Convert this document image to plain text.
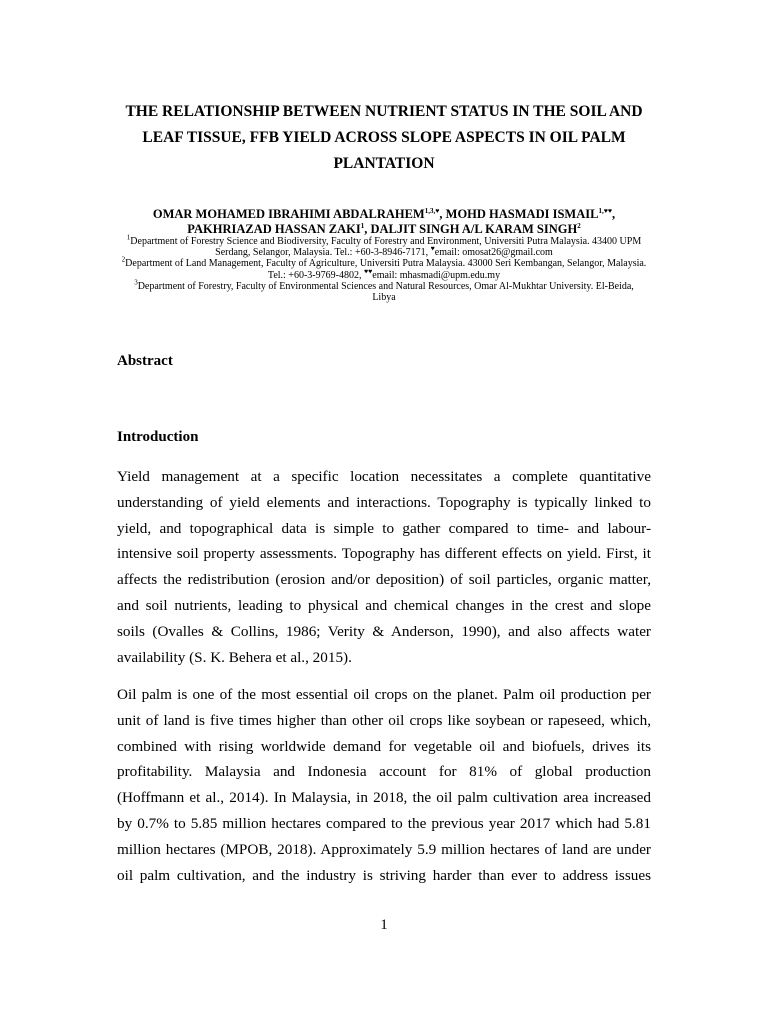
THE RELATIONSHIP BETWEEN NUTRIENT STATUS IN THE SOIL AND
LEAF TISSUE, FFB YIELD ACROSS SLOPE ASPECTS IN OIL PALM
PLANTATION
OMAR MOHAMED IBRAHIMI $ABDALRAHEM^{1,3,♥}$, MOHD HASMADI $ISMAIL^{1,♥♥}$,
PAKHRIAZAD HASSAN ZAKI$^1$, DALJIT SINGH A/L KARAM SINGH$^2$
$^1$Department of Forestry Science and Biodiversity, Faculty of Forestry and Environment, Universiti Putra Malaysia. 43400 UPM
Serdang, Selangor, Malaysia. Tel.: +60-3-8946-7171, ♥email: omosat26@gmail.com
$^2$Department of Land Management, Faculty of Agriculture, Universiti Putra Malaysia. 43000 Seri Kembangan, Selangor, Malaysia.
Tel.: +60-3-9769-4802, ♥♥email: mhasmadi@upm.edu.my
$^3$Department of Forestry, Faculty of Environmental Sciences and Natural Resources, Omar Al-Mukhtar University. El-Beida,
Libya
Abstract
Introduction
Yield management at a specific location necessitates a complete quantitative
understanding of yield elements and interactions. Topography is typically linked to
yield, and topographical data is simple to gather compared to time- and labour-
intensive soil property assessments. Topography has different effects on yield. First, it
affects the redistribution (erosion and/or deposition) of soil particles, organic matter,
and soil nutrients, leading to physical and chemical changes in the crest and slope
soils (Ovalles & Collins, 1986; Verity & Anderson, 1990), and also affects water
availability (S. K. Behera et al., 2015).
Oil palm is one of the most essential oil crops on the planet. Palm oil production per
unit of land is five times higher than other oil crops like soybean or rapeseed, which,
combined with rising worldwide demand for vegetable oil and biofuels, drives its
profitability. Malaysia and Indonesia account for 81% of global production
(Hoffmann et al., 2014). In Malaysia, in 2018, the oil palm cultivation area increased
by 0.7% to 5.85 million hectares compared to the previous year 2017 which had 5.81
million hectares (MPOB, 2018). Approximately 5.9 million hectares of land are under
oil palm cultivation, and the industry is striving harder than ever to address issues
1
